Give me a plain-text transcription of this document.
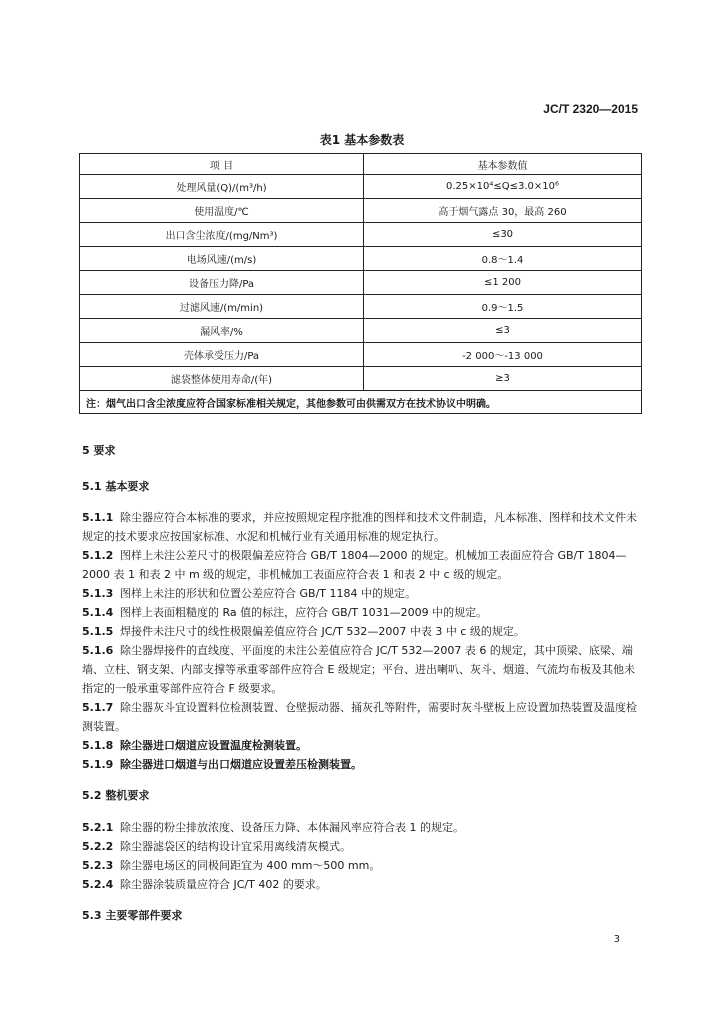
JC/T 2320—2015
表1 基本参数表
项 目	基本参数值
处理风量(Q)/(m³/h)	0.25×10⁴≤Q≤3.0×10⁶
使用温度/℃	高于烟气露点 30，最高 260
出口含尘浓度/(mg/Nm³)	≤30
电场风速/(m/s)	0.8～1.4
设备压力降/Pa	≤1 200
过滤风速/(m/min)	0.9～1.5
漏风率/%	≤3
壳体承受压力/Pa	-2 000～-13 000
滤袋整体使用寿命/(年)	≥3
注：烟气出口含尘浓度应符合国家标准相关规定，其他参数可由供需双方在技术协议中明确。	
5 要求
5.1 基本要求
5.1.1 除尘器应符合本标准的要求，并应按照规定程序批准的图样和技术文件制造，凡本标准、图样和技术文件未规定的技术要求应按国家标准、水泥和机械行业有关通用标准的规定执行。
5.1.2 图样上未注公差尺寸的极限偏差应符合 GB/T 1804—2000 的规定。机械加工表面应符合 GB/T 1804—2000 表 1 和表 2 中 m 级的规定，非机械加工表面应符合表 1 和表 2 中 c 级的规定。
5.1.3 图样上未注的形状和位置公差应符合 GB/T 1184 中的规定。
5.1.4 图样上表面粗糙度的 Ra 值的标注，应符合 GB/T 1031—2009 中的规定。
5.1.5 焊接件未注尺寸的线性极限偏差值应符合 JC/T 532—2007 中表 3 中 c 级的规定。
5.1.6 除尘器焊接件的直线度、平面度的未注公差值应符合 JC/T 532—2007 表 6 的规定，其中顶梁、底梁、端墙、立柱、钢支架、内部支撑等承重零部件应符合 E 级规定；平台、进出喇叭、灰斗、烟道、气流均布板及其他未指定的一般承重零部件应符合 F 级要求。
5.1.7 除尘器灰斗宜设置料位检测装置、仓壁振动器、捅灰孔等附件，需要时灰斗壁板上应设置加热装置及温度检测装置。
5.1.8 除尘器进口烟道应设置温度检测装置。
5.1.9 除尘器进口烟道与出口烟道应设置差压检测装置。
5.2 整机要求
5.2.1 除尘器的粉尘排放浓度、设备压力降、本体漏风率应符合表 1 的规定。
5.2.2 除尘器滤袋区的结构设计宜采用离线清灰模式。
5.2.3 除尘器电场区的同极间距宜为 400 mm～500 mm。
5.2.4 除尘器涂装质量应符合 JC/T 402 的要求。
5.3 主要零部件要求
3
